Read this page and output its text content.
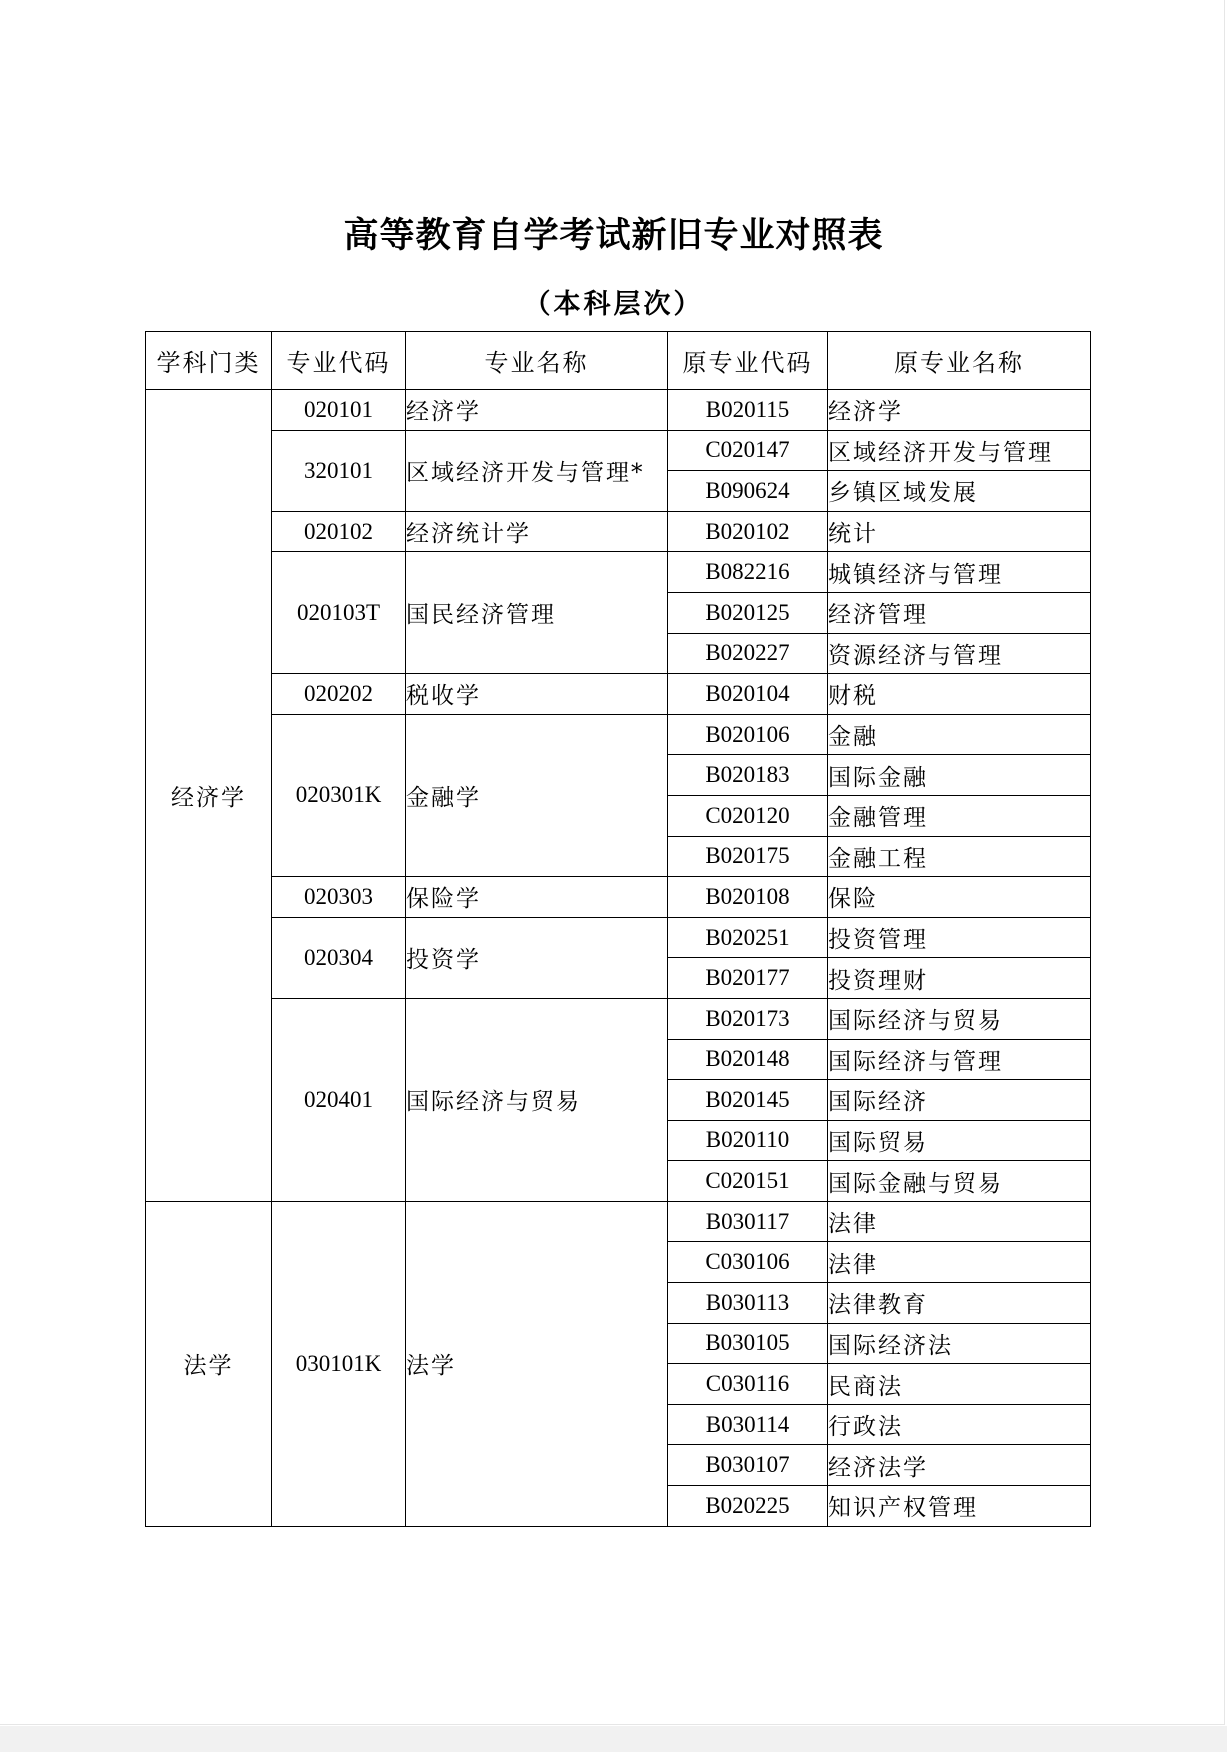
高等教育自学考试新旧专业对照表
（本科层次）
学科门类	专业代码	专业名称	原专业代码	原专业名称
经济学	020101	经济学	B020115	经济学
	320101	区域经济开发与管理*	C020147	区域经济开发与管理
			B090624	乡镇区域发展
	020102	经济统计学	B020102	统计
	020103T	国民经济管理	B082216	城镇经济与管理
			B020125	经济管理
			B020227	资源经济与管理
	020202	税收学	B020104	财税
	020301K	金融学	B020106	金融
			B020183	国际金融
			C020120	金融管理
			B020175	金融工程
	020303	保险学	B020108	保险
	020304	投资学	B020251	投资管理
			B020177	投资理财
	020401	国际经济与贸易	B020173	国际经济与贸易
			B020148	国际经济与管理
			B020145	国际经济
			B020110	国际贸易
			C020151	国际金融与贸易
法学	030101K	法学	B030117	法律
			C030106	法律
			B030113	法律教育
			B030105	国际经济法
			C030116	民商法
			B030114	行政法
			B030107	经济法学
			B020225	知识产权管理
